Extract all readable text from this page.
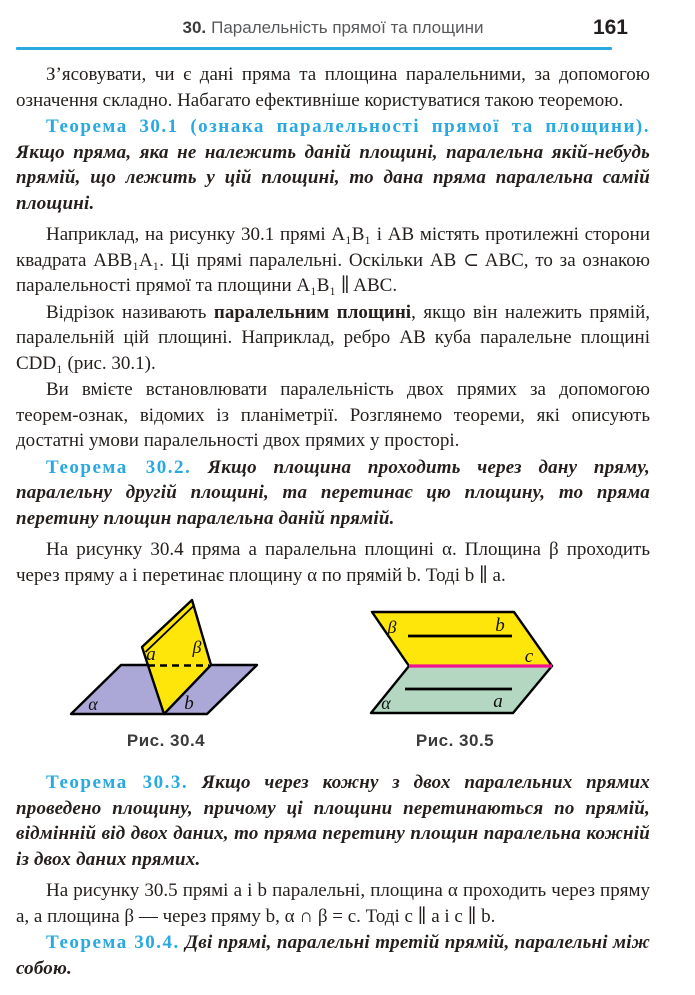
30. Паралельність прямої та площини	161

З’ясовувати, чи є дані пряма та площина паралельними, за допомогою означення складно. Набагато ефективніше користуватися такою теоремою.

Теорема 30.1 (ознака паралельності прямої та площини). Якщо пряма, яка не належить даній площині, паралельна якій-небудь прямій, що лежить у цій площині, то дана пряма паралельна самій площині.

Наприклад, на рисунку 30.1 прямі A₁B₁ і AB містять протилежні сторони квадрата ABB₁A₁. Ці прямі паралельні. Оскільки AB ⊂ ABC, то за ознакою паралельності прямої та площини A₁B₁ ∥ ABC.

Відрізок називають паралельним площині, якщо він належить прямій, паралельній цій площині. Наприклад, ребро AB куба паралельне площині CDD₁ (рис. 30.1).

Ви вмієте встановлювати паралельність двох прямих за допомогою теорем-ознак, відомих із планіметрії. Розглянемо теореми, які описують достатні умови паралельності двох прямих у просторі.

Теорема 30.2. Якщо площина проходить через дану пряму, паралельну другій площині, та перетинає цю площину, то пряма перетину площин паралельна даній прямій.

На рисунку 30.4 пряма a паралельна площині α. Площина β проходить через пряму a і перетинає площину α по прямій b. Тоді b ∥ a.

a β
b
α
Рис. 30.4
β	b
c
a
α
Рис. 30.5

Теорема 30.3. Якщо через кожну з двох паралельних прямих проведено площину, причому ці площини перетинаються по прямій, відмінній від двох даних, то пряма перетину площин паралельна кожній із двох даних прямих.

На рисунку 30.5 прямі a і b паралельні, площина α проходить через пряму a, а площина β — через пряму b, α ∩ β = c. Тоді c ∥ a і c ∥ b.

Теорема 30.4. Дві прямі, паралельні третій прямій, паралельні між собою.
